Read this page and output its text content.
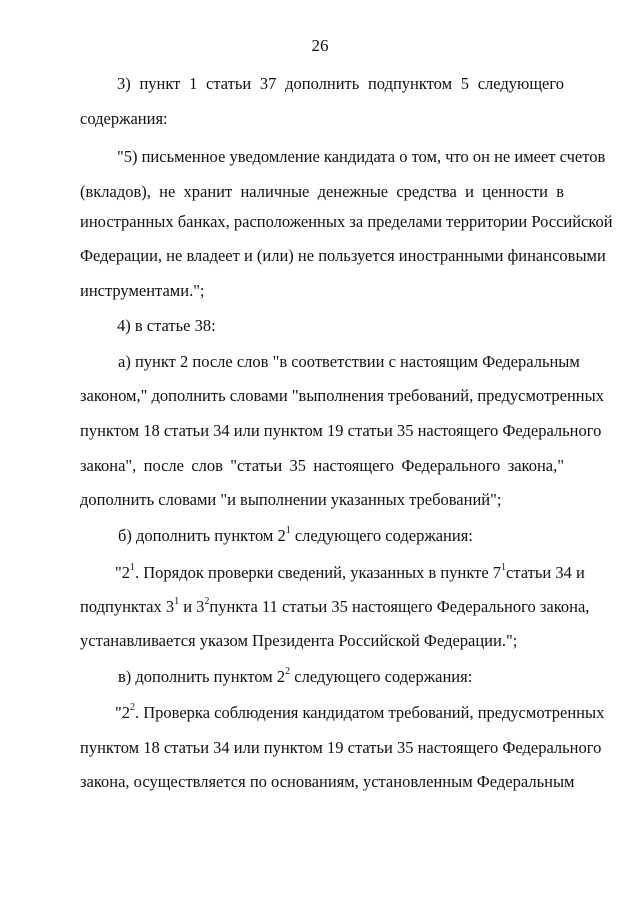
26
3) пункт 1 статьи 37 дополнить подпунктом 5 следующего
содержания:
"5) письменное уведомление кандидата о том, что он не имеет счетов
(вкладов), не хранит наличные денежные средства и ценности в
иностранных банках, расположенных за пределами территории Российской
Федерации, не владеет и (или) не пользуется иностранными финансовыми
инструментами.";
4) в статье 38:
а) пункт 2 после слов "в соответствии с настоящим Федеральным
законом," дополнить словами "выполнения требований, предусмотренных
пунктом 18 статьи 34 или пунктом 19 статьи 35 настоящего Федерального
закона", после слов "статьи 35 настоящего Федерального закона,"
дополнить словами "и выполнении указанных требований";
б) дополнить пунктом $2^1$ следующего содержания:
"$2^1$. Порядок проверки сведений, указанных в пункте $7^1$ статьи 34 и
подпунктах $3^1$ и $3^2$ пункта 11 статьи 35 настоящего Федерального закона,
устанавливается указом Президента Российской Федерации.";
в) дополнить пунктом $2^2$ следующего содержания:
"$2^2$. Проверка соблюдения кандидатом требований, предусмотренных
пунктом 18 статьи 34 или пунктом 19 статьи 35 настоящего Федерального
закона, осуществляется по основаниям, установленным Федеральным
